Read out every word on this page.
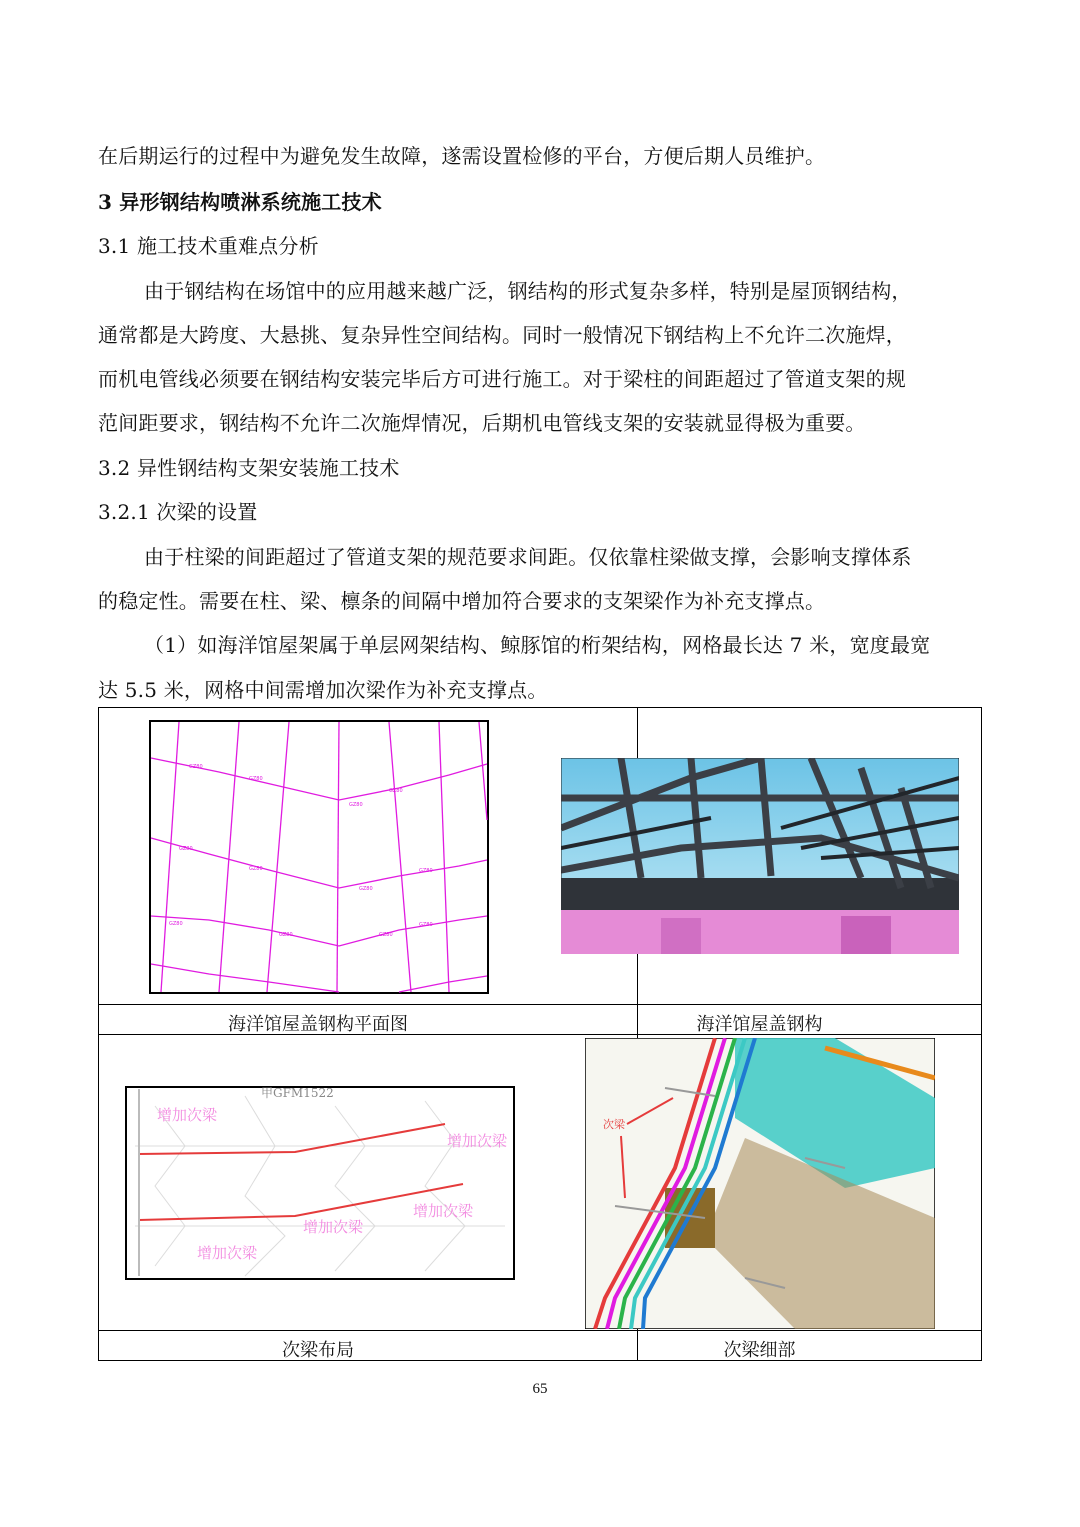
在后期运行的过程中为避免发生故障，遂需设置检修的平台，方便后期人员维护。
3 异形钢结构喷淋系统施工技术
3.1 施工技术重难点分析
由于钢结构在场馆中的应用越来越广泛，钢结构的形式复杂多样，特别是屋顶钢结构，
通常都是大跨度、大悬挑、复杂异性空间结构。同时一般情况下钢结构上不允许二次施焊，
而机电管线必须要在钢结构安装完毕后方可进行施工。对于梁柱的间距超过了管道支架的规
范间距要求，钢结构不允许二次施焊情况，后期机电管线支架的安装就显得极为重要。
3.2 异性钢结构支架安装施工技术
3.2.1 次梁的设置
由于柱梁的间距超过了管道支架的规范要求间距。仅依靠柱梁做支撑，会影响支撑体系
的稳定性。需要在柱、梁、檩条的间隔中增加符合要求的支架梁作为补充支撑点。
（1）如海洋馆屋架属于单层网架结构、鲸豚馆的桁架结构，网格最长达 7 米，宽度最宽
达 5.5 米，网格中间需增加次梁作为补充支撑点。
GZ80
GZ80
GZ80
GZ80
GZ80
GZ80
GZ80
GZ80
GZ80
GZ80	GZ80
GZ80
甲GFM1522
增加次梁
增加次梁
增加次梁
增加次梁
增加次梁
次梁
海洋馆屋盖钢构平面图	海洋馆屋盖钢构
次梁布局	次梁细部
65
